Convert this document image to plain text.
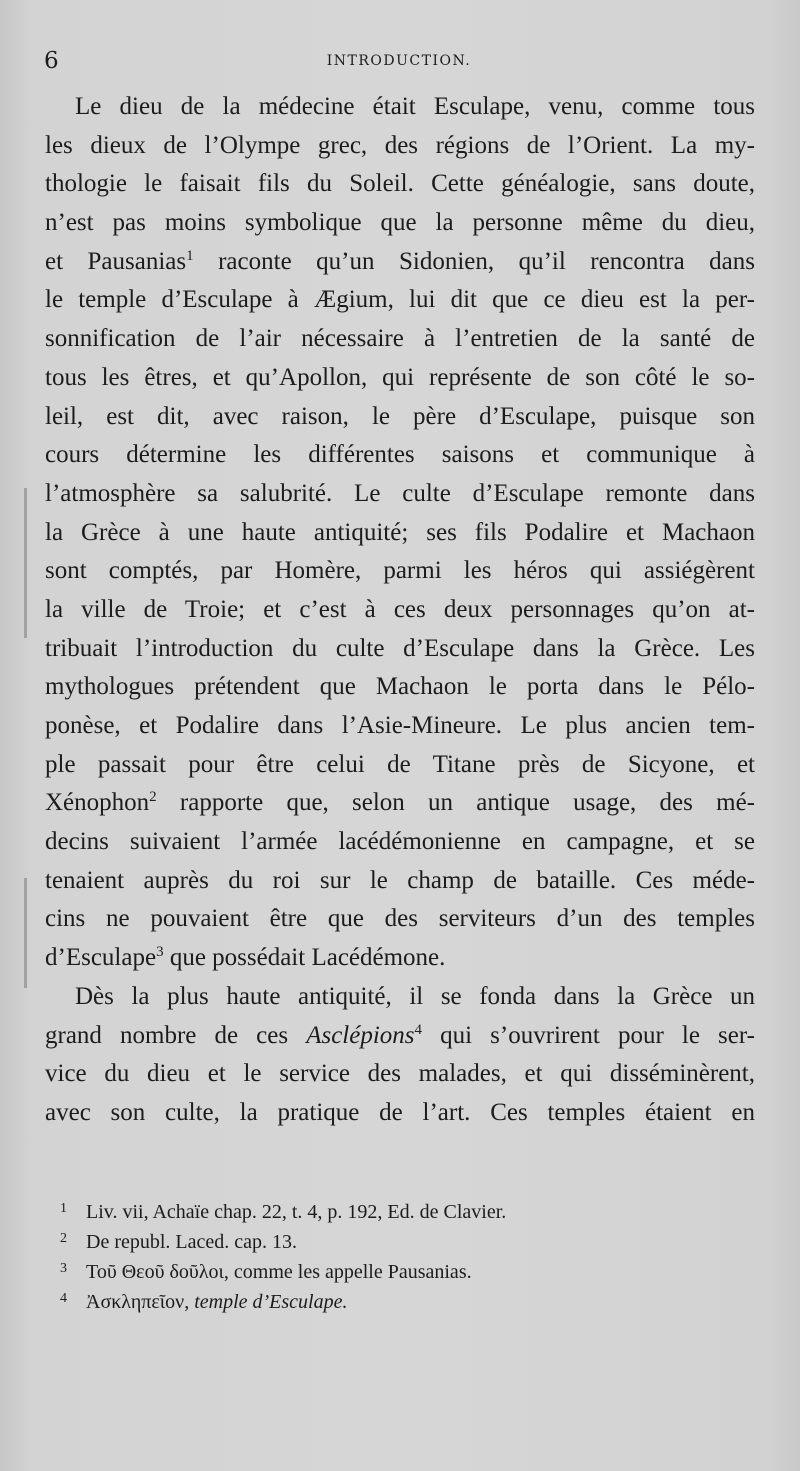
6	INTRODUCTION.
Le dieu de la médecine était Esculape, venu, comme tous
les dieux de l’Olympe grec, des régions de l’Orient. La my-
thologie le faisait fils du Soleil. Cette généalogie, sans doute,
n’est pas moins symbolique que la personne même du dieu,
et Pausanias$^1$ raconte qu’un Sidonien, qu’il rencontra dans
le temple d’Esculape à Ægium, lui dit que ce dieu est la per-
sonnification de l’air nécessaire à l’entretien de la santé de
tous les êtres, et qu’Apollon, qui représente de son côté le so-
leil, est dit, avec raison, le père d’Esculape, puisque son
cours détermine les différentes saisons et communique à
l’atmosphère sa salubrité. Le culte d’Esculape remonte dans
la Grèce à une haute antiquité; ses fils Podalire et Machaon
sont comptés, par Homère, parmi les héros qui assiégèrent
la ville de Troie; et c’est à ces deux personnages qu’on at-
tribuait l’introduction du culte d’Esculape dans la Grèce. Les
mythologues prétendent que Machaon le porta dans le Pélo-
ponèse, et Podalire dans l’Asie-Mineure. Le plus ancien tem-
ple passait pour être celui de Titane près de Sicyone, et
Xénophon$^2$ rapporte que, selon un antique usage, des mé-
decins suivaient l’armée lacédémonienne en campagne, et se
tenaient auprès du roi sur le champ de bataille. Ces méde-
cins ne pouvaient être que des serviteurs d’un des temples
d’Esculape$^3$ que possédait Lacédémone.
Dès la plus haute antiquité, il se fonda dans la Grèce un
grand nombre de ces Asclépions$^4$ qui s’ouvrirent pour le ser-
vice du dieu et le service des malades, et qui disséminèrent,
avec son culte, la pratique de l’art. Ces temples étaient en
1 Liv. vii, Achaïe chap. 22, t. 4, p. 192, Ed. de Clavier.
2 De republ. Laced. cap. 13.
3 Τοῦ Θεοῦ δοῦλοι, comme les appelle Pausanias.
4 Ἀσκληπεῖον, temple d’Esculape.
